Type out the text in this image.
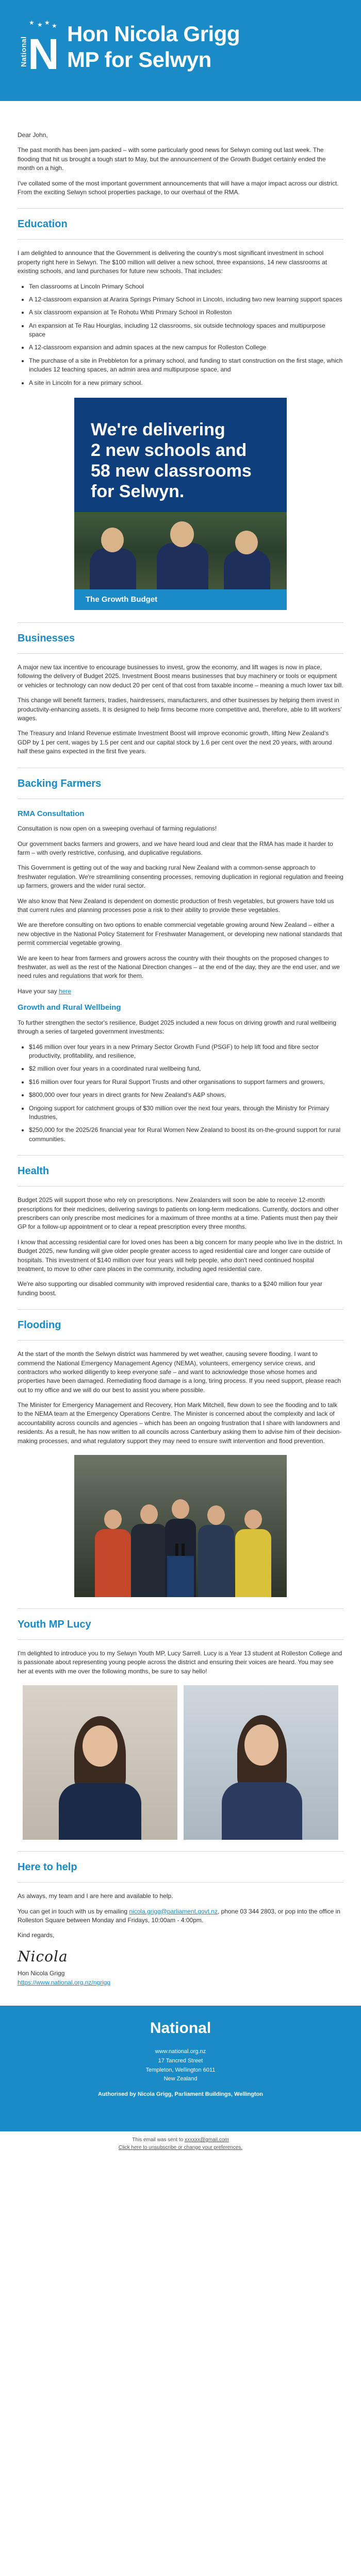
★ ★ ★ ★
National N Hon Nicola Grigg
MP for Selwyn

Dear John,

The past month has been jam-packed – with some particularly good news for Selwyn coming out last week. The flooding that hit us brought a tough start to May, but the announcement of the Growth Budget certainly ended the month on a high.

I've collated some of the most important government announcements that will have a major impact across our district. From the exciting Selwyn school properties package, to our overhaul of the RMA.

Education

I am delighted to announce that the Government is delivering the country's most significant investment in school property right here in Selwyn. The $100 million will deliver a new school, three expansions, 14 new classrooms at existing schools, and land purchases for future new schools. That includes:

• Ten classrooms at Lincoln Primary School
• A 12-classroom expansion at Ararira Springs Primary School in Lincoln, including two new learning support spaces
• A six classroom expansion at Te Rohotu Whiti Primary School in Rolleston
• An expansion at Te Rau Hourglas, including 12 classrooms, six outside technology spaces and multipurpose space
• A 12-classroom expansion and admin spaces at the new campus for Rolleston College
• The purchase of a site in Prebbleton for a primary school, and funding to start construction on the first stage, which includes 12 teaching spaces, an admin area and multipurpose space, and
• A site in Lincoln for a new primary school.
We're delivering
2 new schools and
58 new classrooms
for Selwyn.
The Growth Budget
Businesses

A major new tax incentive to encourage businesses to invest, grow the economy, and lift wages is now in place, following the delivery of Budget 2025. Investment Boost means businesses that buy machinery or tools or equipment or vehicles or technology can now deduct 20 per cent of that cost from taxable income – meaning a much lower tax bill.

This change will benefit farmers, tradies, hairdressers, manufacturers, and other businesses by helping them invest in productivity-enhancing assets. It is designed to help firms become more competitive and, therefore, able to lift workers' wages.

The Treasury and Inland Revenue estimate Investment Boost will improve economic growth, lifting New Zealand's GDP by 1 per cent, wages by 1.5 per cent and our capital stock by 1.6 per cent over the next 20 years, with around half these gains expected in the first five years.

Backing Farmers
RMA Consultation

Consultation is now open on a sweeping overhaul of farming regulations!

Our government backs farmers and growers, and we have heard loud and clear that the RMA has made it harder to farm – with overly restrictive, confusing, and duplicative regulations.

This Government is getting out of the way and backing rural New Zealand with a common-sense approach to freshwater regulation. We're streamlining consenting processes, removing duplication in regional regulation and freeing up farmers, growers and the wider rural sector.

We also know that New Zealand is dependent on domestic production of fresh vegetables, but growers have told us that current rules and planning processes pose a risk to their ability to provide these vegetables.

We are therefore consulting on two options to enable commercial vegetable growing around New Zealand – either a new objective in the National Policy Statement for Freshwater Management, or developing new national standards that permit commercial vegetable growing.

We are keen to hear from farmers and growers across the country with their thoughts on the proposed changes to freshwater, as well as the rest of the National Direction changes – at the end of the day, they are the end user, and we need rules and regulations that work for them.

Have your say here

Growth and Rural Wellbeing

To further strengthen the sector's resilience, Budget 2025 included a new focus on driving growth and rural wellbeing through a series of targeted government investments:

• $146 million over four years in a new Primary Sector Growth Fund (PSGF) to help lift food and fibre sector productivity, profitability, and resilience,
• $2 million over four years in a coordinated rural wellbeing fund,
• $16 million over four years for Rural Support Trusts and other organisations to support farmers and growers,
• $800,000 over four years in direct grants for New Zealand's A&P shows,
• Ongoing support for catchment groups of $30 million over the next four years, through the Ministry for Primary Industries,
• $250,000 for the 2025/26 financial year for Rural Women New Zealand to boost its on-the-ground support for rural communities.
Health

Budget 2025 will support those who rely on prescriptions. New Zealanders will soon be able to receive 12-month prescriptions for their medicines, delivering savings to patients on long-term medications. Currently, doctors and other prescribers can only prescribe most medicines for a maximum of three months at a time. Patients must then pay their GP for a follow-up appointment or to clear a repeat prescription every three months.

I know that accessing residential care for loved ones has been a big concern for many people who live in the district. In Budget 2025, new funding will give older people greater access to aged residential care and longer care outside of hospitals. This investment of $140 million over four years will help people, who don't need continued hospital treatment, to move to other care places in the community, including aged residential care.

We're also supporting our disabled community with improved residential care, thanks to a $240 million four year funding boost.

Flooding

At the start of the month the Selwyn district was hammered by wet weather, causing severe flooding. I want to commend the National Emergency Management Agency (NEMA), volunteers, emergency service crews, and contractors who worked diligently to keep everyone safe – and want to acknowledge those whose homes and properties have been damaged. Remediating flood damage is a long, tiring process. If you need support, please reach out to my office and we will do our best to assist you where possible.

The Minister for Emergency Management and Recovery, Hon Mark Mitchell, flew down to see the flooding and to talk to the NEMA team at the Emergency Operations Centre. The Minister is concerned about the complexity and lack of accountability across councils and agencies – which has been an ongoing frustration that I share with landowners and residents. As a result, he has now written to all councils across Canterbury asking them to advise him of their decision-making processes, and what regulatory support they may need to ensure swift intervention and flood prevention.

Youth MP Lucy

I'm delighted to introduce you to my Selwyn Youth MP, Lucy Sarrell. Lucy is a Year 13 student at Rolleston College and is passionate about representing young people across the district and ensuring their voices are heard. You may see her at events with me over the following months, be sure to say hello!

Here to help

As always, my team and I are here and available to help.

You can get in touch with us by emailing nicola.grigg@parliament.govt.nz, phone 03 344 2803, or pop into the office in Rolleston Square between Monday and Fridays, 10:00am - 4:00pm.

Kind regards,

Nicola
Hon Nicola Grigg
https://www.national.org.nz/ngrigg
National
www.national.org.nz
17 Tancred Street
Templeton, Wellington 6011
New Zealand
Authorised by Nicola Grigg, Parliament Buildings, Wellington
This email was sent to xxxxxx@gmail.com
Click here to unsubscribe or change your preferences.
